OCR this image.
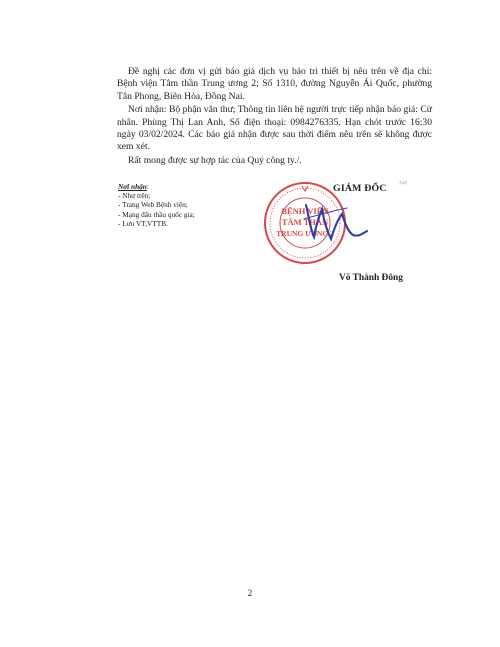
Đề nghị các đơn vị gửi báo giá dịch vụ bảo trì thiết bị nêu trên về địa chỉ: Bệnh viện Tâm thần Trung ương 2; Số 1310, đường Nguyễn Ái Quốc, phường Tân Phong, Biên Hòa, Đồng Nai.

Nơi nhận: Bộ phận văn thư; Thông tin liên hệ người trực tiếp nhận báo giá: Cử nhân. Phùng Thị Lan Anh, Số điện thoại: 0984276335. Hạn chót trước 16:30 ngày 03/02/2024. Các báo giá nhận được sau thời điểm nêu trên sẽ không được xem xét.

Rất mong được sự hợp tác của Quý công ty./.

Nơi nhận:
- Như trên;
- Trang Web Bệnh viện;
- Mạng đấu thầu quốc gia;
- Lưu VT,VTTB.
BỆNH VIỆN
TÂM THẦN
TRUNG ƯƠNG 2
GIÁM ĐỐC 7uvj
Võ Thành Đông
2
